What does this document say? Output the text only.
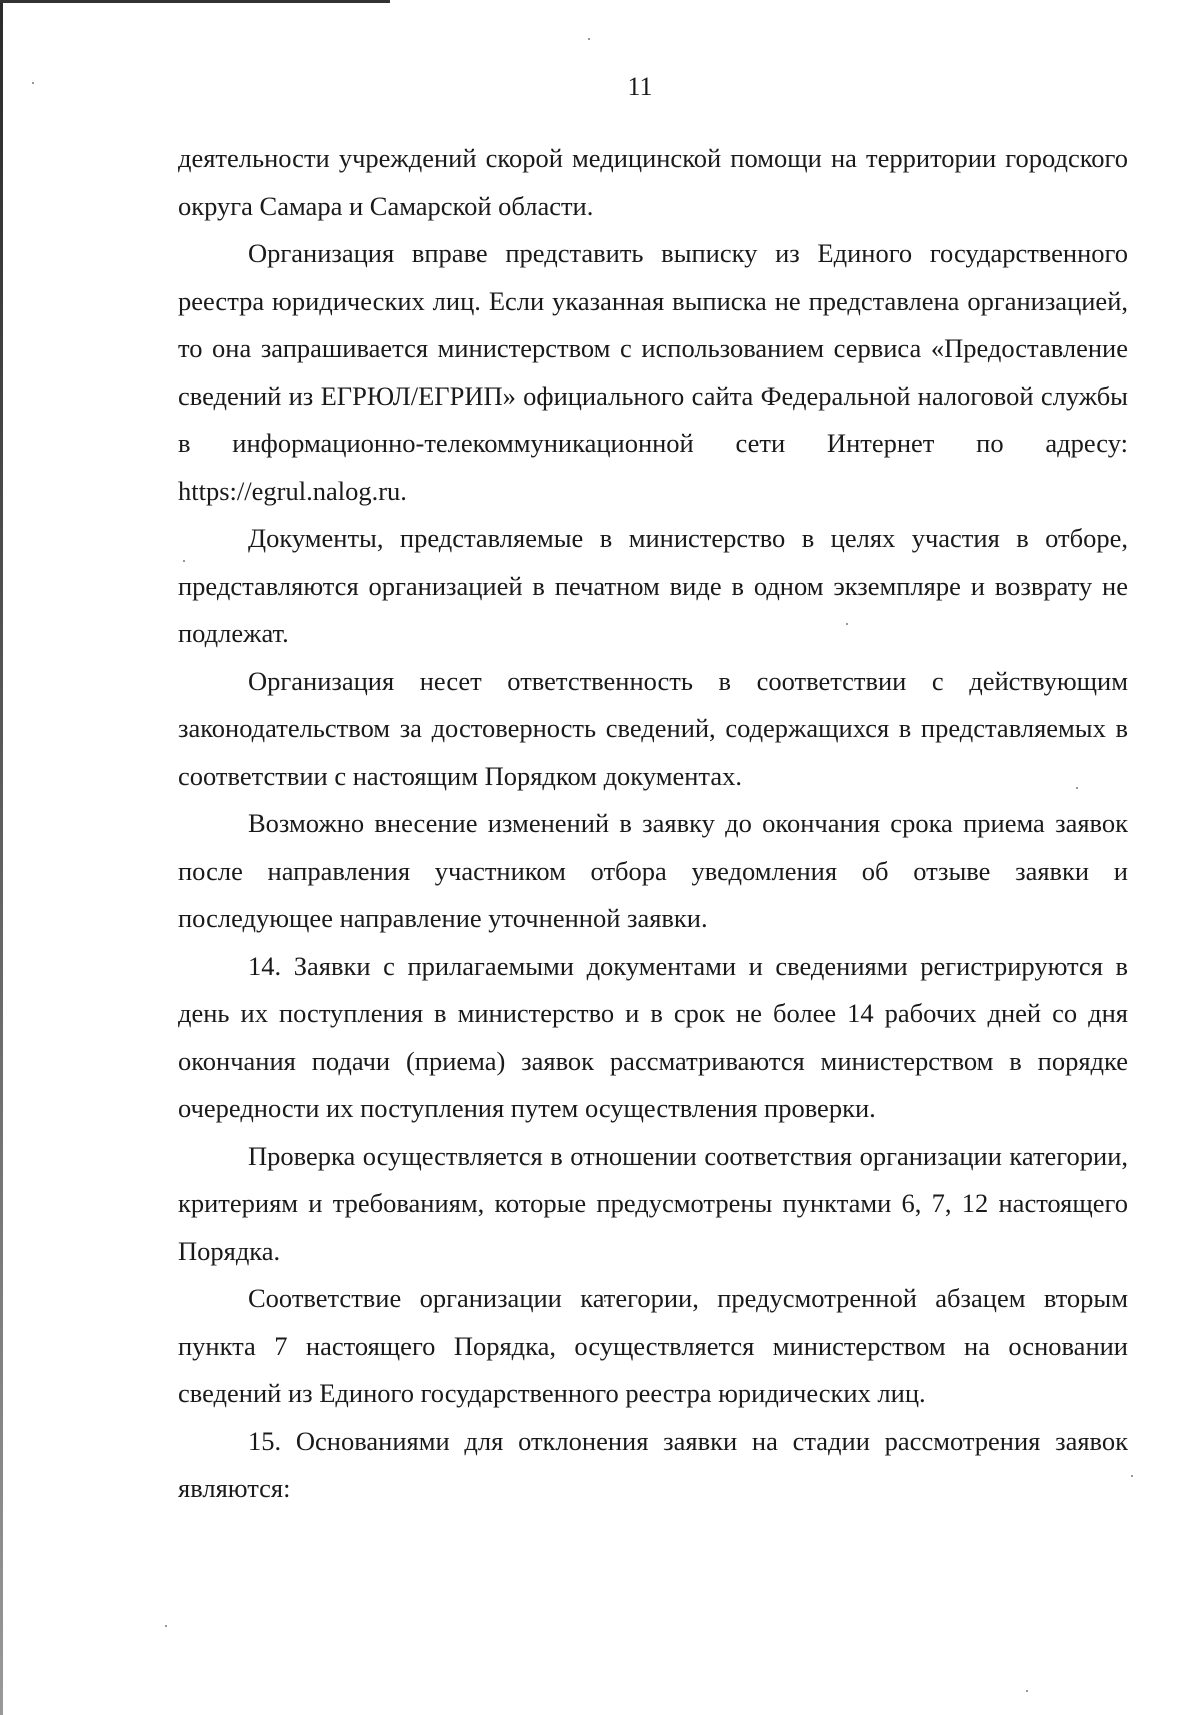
11

деятельности учреждений скорой медицинской помощи на территории городского округа Самара и Самарской области.

Организация вправе представить выписку из Единого государственного реестра юридических лиц. Если указанная выписка не представлена организацией, то она запрашивается министерством с использованием сервиса «Предоставление сведений из ЕГРЮЛ/ЕГРИП» официального сайта Федеральной налоговой службы в информационно-телекоммуникационной сети Интернет по адресу: https://egrul.nalog.ru.

Документы, представляемые в министерство в целях участия в отборе, представляются организацией в печатном виде в одном экземпляре и возврату не подлежат.

Организация несет ответственность в соответствии с действующим законодательством за достоверность сведений, содержащихся в представляемых в соответствии с настоящим Порядком документах.

Возможно внесение изменений в заявку до окончания срока приема заявок после направления участником отбора уведомления об отзыве заявки и последующее направление уточненной заявки.

14. Заявки с прилагаемыми документами и сведениями регистрируются в день их поступления в министерство и в срок не более 14 рабочих дней со дня окончания подачи (приема) заявок рассматриваются министерством в порядке очередности их поступления путем осуществления проверки.

Проверка осуществляется в отношении соответствия организации категории, критериям и требованиям, которые предусмотрены пунктами 6, 7, 12 настоящего Порядка.

Соответствие организации категории, предусмотренной абзацем вторым пункта 7 настоящего Порядка, осуществляется министерством на основании сведений из Единого государственного реестра юридических лиц.

15. Основаниями для отклонения заявки на стадии рассмотрения заявок являются:
